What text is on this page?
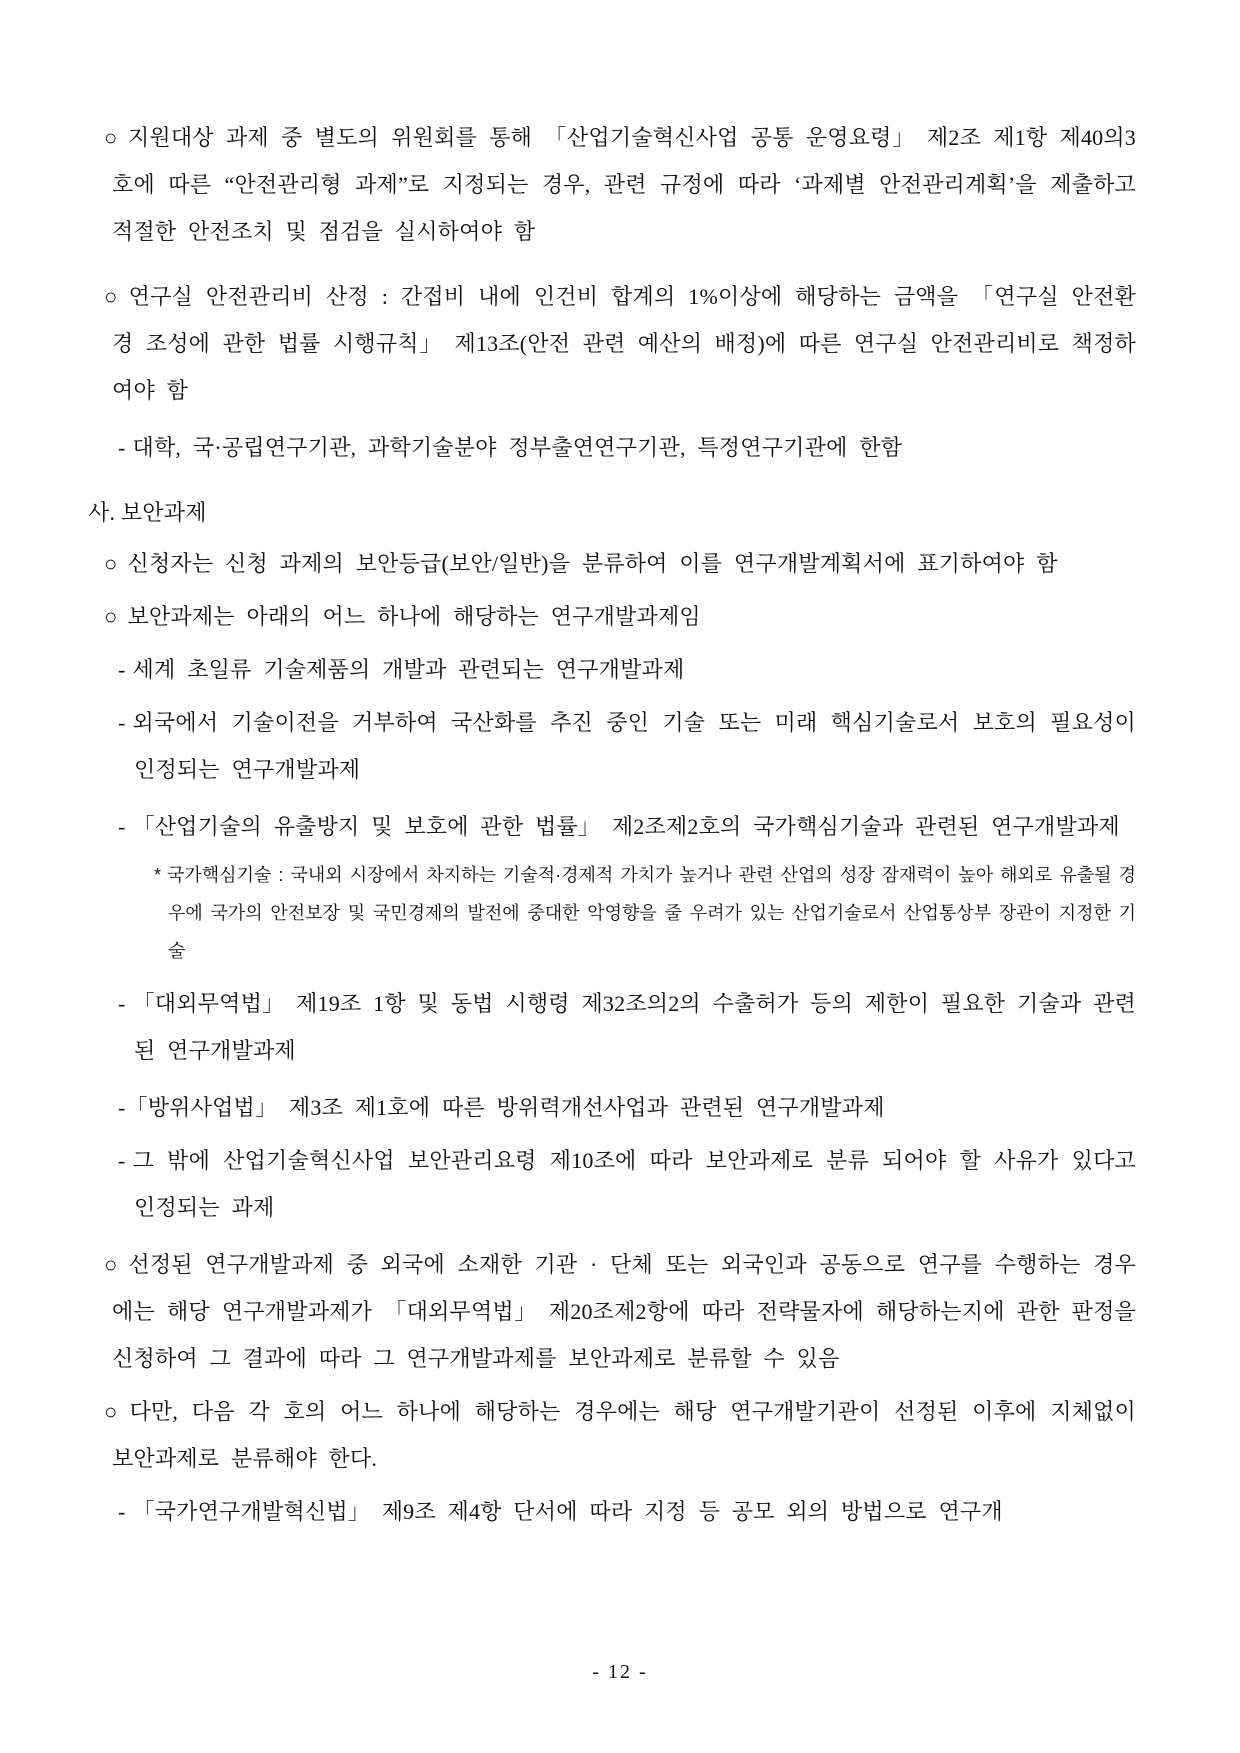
○ 지원대상 과제 중 별도의 위원회를 통해 「산업기술혁신사업 공통 운영요령」 제2조 제1항 제40의3호에 따른 “안전관리형 과제”로 지정되는 경우, 관련 규정에 따라 ‘과제별 안전관리계획’을 제출하고 적절한 안전조치 및 점검을 실시하여야 함

○ 연구실 안전관리비 산정 : 간접비 내에 인건비 합계의 1%이상에 해당하는 금액을 「연구실 안전환경 조성에 관한 법률 시행규칙」 제13조(안전 관련 예산의 배정)에 따른 연구실 안전관리비로 책정하여야 함

- 대학, 국·공립연구기관, 과학기술분야 정부출연연구기관, 특정연구기관에 한함

사. 보안과제

○ 신청자는 신청 과제의 보안등급(보안/일반)을 분류하여 이를 연구개발계획서에 표기하여야 함

○ 보안과제는 아래의 어느 하나에 해당하는 연구개발과제임

- 세계 초일류 기술제품의 개발과 관련되는 연구개발과제

- 외국에서 기술이전을 거부하여 국산화를 추진 중인 기술 또는 미래 핵심기술로서 보호의 필요성이 인정되는 연구개발과제

- 「산업기술의 유출방지 및 보호에 관한 법률」 제2조제2호의 국가핵심기술과 관련된 연구개발과제

* 국가핵심기술 : 국내외 시장에서 차지하는 기술적·경제적 가치가 높거나 관련 산업의 성장 잠재력이 높아 해외로 유출될 경우에 국가의 안전보장 및 국민경제의 발전에 중대한 악영향을 줄 우려가 있는 산업기술로서 산업통상부 장관이 지정한 기술

- 「대외무역법」 제19조 1항 및 동법 시행령 제32조의2의 수출허가 등의 제한이 필요한 기술과 관련된 연구개발과제

-「방위사업법」 제3조 제1호에 따른 방위력개선사업과 관련된 연구개발과제

- 그 밖에 산업기술혁신사업 보안관리요령 제10조에 따라 보안과제로 분류 되어야 할 사유가 있다고 인정되는 과제

○ 선정된 연구개발과제 중 외국에 소재한 기관 · 단체 또는 외국인과 공동으로 연구를 수행하는 경우에는 해당 연구개발과제가 「대외무역법」 제20조제2항에 따라 전략물자에 해당하는지에 관한 판정을 신청하여 그 결과에 따라 그 연구개발과제를 보안과제로 분류할 수 있음

○ 다만, 다음 각 호의 어느 하나에 해당하는 경우에는 해당 연구개발기관이 선정된 이후에 지체없이 보안과제로 분류해야 한다.

- 「국가연구개발혁신법」 제9조 제4항 단서에 따라 지정 등 공모 외의 방법으로 연구개

- 12 -
